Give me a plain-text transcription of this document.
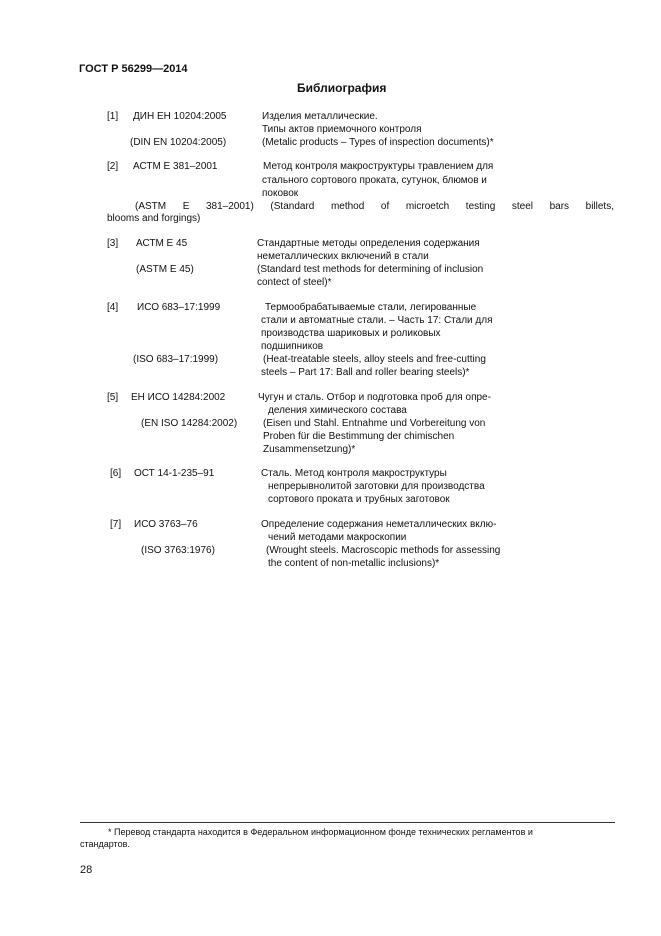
ГОСТ Р 56299—2014
Библиография
[1] ДИН ЕН 10204:2005	Изделия металлические.
Типы актов приемочного контроля
(DIN EN 10204:2005)	(Metalic products – Types of inspection documents)*
[2] АСТМ Е 381–2001	Метод контроля макроструктуры травлением для
стального сортового проката, сутунок, блюмов и
поковок
(ASTM E 381–2001) (Standard method of microetch testing steel bars billets,
blooms and forgings)
[3] АСТМ Е 45	Стандартные методы определения содержания
неметаллических включений в стали
(ASTM E 45)	(Standard test methods for determining of inclusion
contect of steel)*
[4] ИСО 683–17:1999	Термообрабатываемые стали, легированные
стали и автоматные стали. – Часть 17: Стали для
производства шариковых и роликовых
подшипников
(ISO 683–17:1999)	(Heat-treatable steels, alloy steels and free-cutting
steels – Part 17: Ball and roller bearing steels)*
[5] ЕН ИСО 14284:2002	Чугун и сталь. Отбор и подготовка проб для опре-
деления химического состава
(EN ISO 14284:2002)	(Eisen und Stahl. Entnahme und Vorbereitung von
Proben für die Bestimmung der chimischen
Zusammensetzung)*
[6] ОСТ 14-1-235–91	Сталь. Метод контроля макроструктуры
непрерывнолитой заготовки для производства
сортового проката и трубных заготовок
[7] ИСО 3763–76	Определение содержания неметаллических вклю-
чений методами макроскопии
(ISO 3763:1976)	(Wrought steels. Macroscopic methods for assessing
the content of non-metallic inclusions)*
* Перевод стандарта находится в Федеральном информационном фонде технических регламентов и
стандартов.
28
